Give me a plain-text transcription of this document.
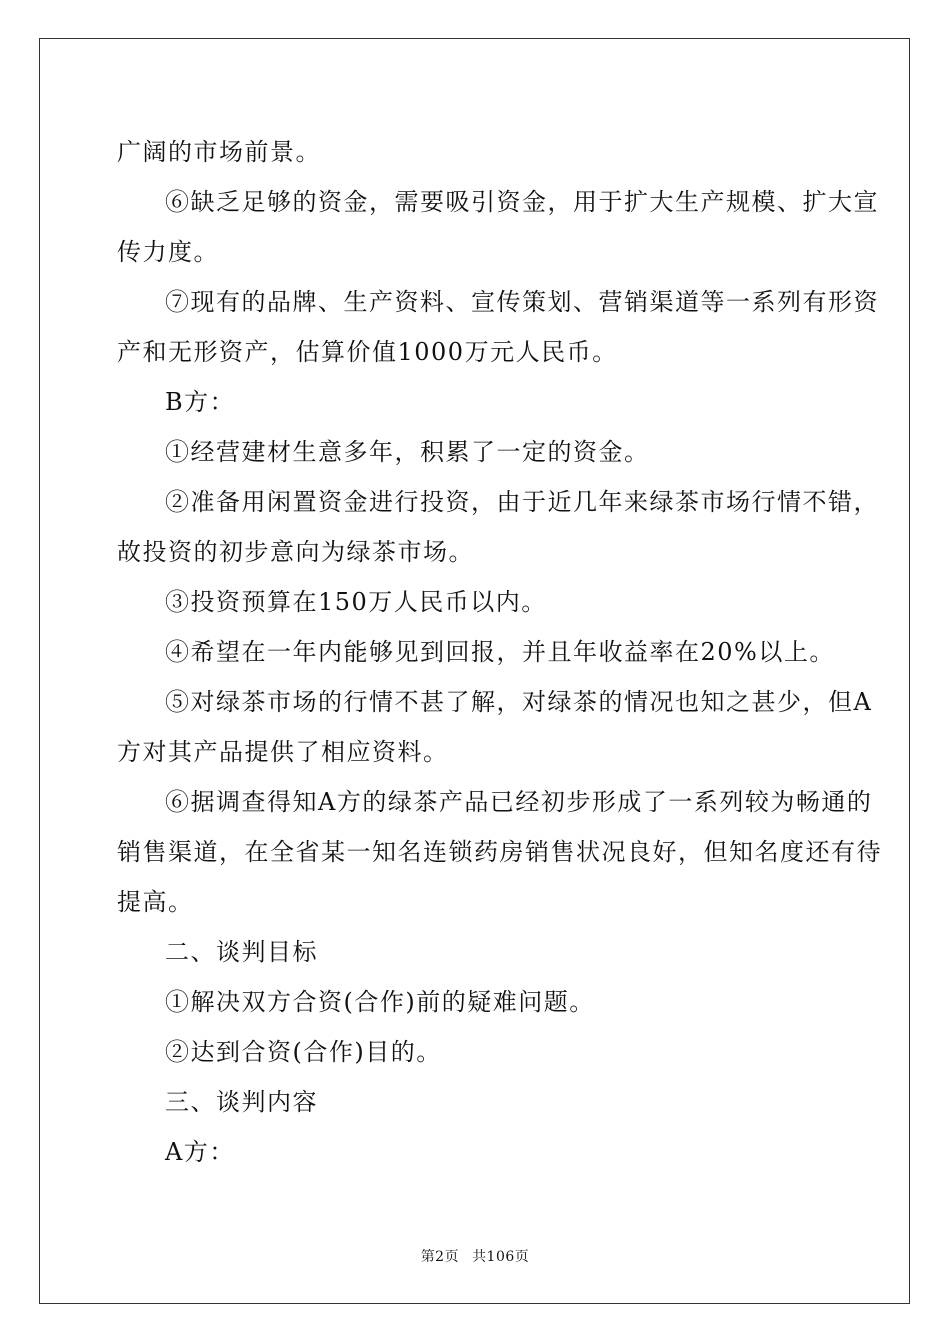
广阔的市场前景。

⑥缺乏足够的资金，需要吸引资金，用于扩大生产规模、扩大宣

传力度。

⑦现有的品牌、生产资料、宣传策划、营销渠道等一系列有形资

产和无形资产，估算价值1000万元人民币。

B方：

①经营建材生意多年，积累了一定的资金。

②准备用闲置资金进行投资，由于近几年来绿茶市场行情不错，

故投资的初步意向为绿茶市场。

③投资预算在150万人民币以内。

④希望在一年内能够见到回报，并且年收益率在20%以上。

⑤对绿茶市场的行情不甚了解，对绿茶的情况也知之甚少，但A

方对其产品提供了相应资料。

⑥据调查得知A方的绿茶产品已经初步形成了一系列较为畅通的

销售渠道，在全省某一知名连锁药房销售状况良好，但知名度还有待

提高。

二、谈判目标

①解决双方合资(合作)前的疑难问题。

②达到合资(合作)目的。

三、谈判内容

A方：

第2页 共106页
